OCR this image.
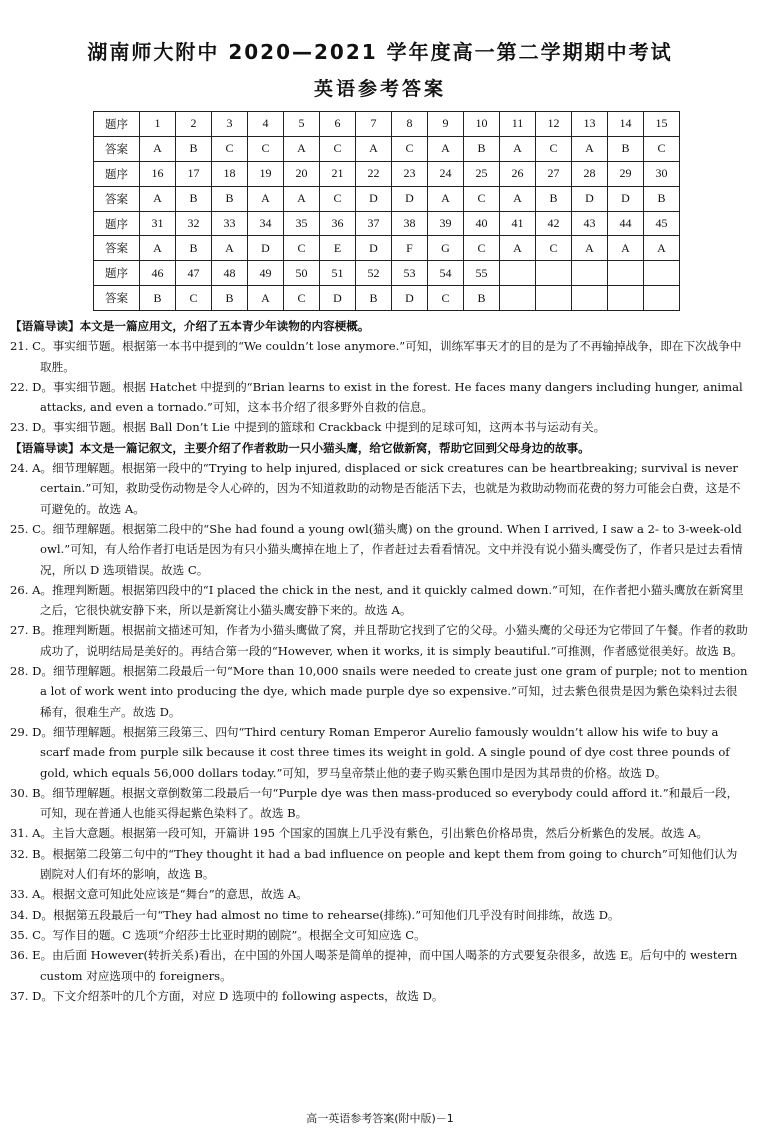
湖南师大附中 2020—2021 学年度高一第二学期期中考试
英语参考答案
题序	1	2	3	4	5	6	7	8	9	10	11	12	13	14	15
答案	A	B	C	C	A	C	A	C	A	B	A	C	A	B	C
题序	16	17	18	19	20	21	22	23	24	25	26	27	28	29	30
答案	A	B	B	A	A	C	D	D	A	C	A	B	D	D	B
题序	31	32	33	34	35	36	37	38	39	40	41	42	43	44	45
答案	A	B	A	D	C	E	D	F	G	C	A	C	A	A	A
题序	46	47	48	49	50	51	52	53	54	55					
答案	B	C	B	A	C	D	B	D	C	B					

【语篇导读】本文是一篇应用文，介绍了五本青少年读物的内容梗概。

21. C。事实细节题。根据第一本书中提到的“We couldn’t lose anymore.”可知，训练军事天才的目的是为了不再输掉战争，即在下次战争中取胜。

22. D。事实细节题。根据 Hatchet 中提到的“Brian learns to exist in the forest. He faces many dangers including hunger, animal attacks, and even a tornado.”可知，这本书介绍了很多野外自救的信息。

23. D。事实细节题。根据 Ball Don’t Lie 中提到的篮球和 Crackback 中提到的足球可知，这两本书与运动有关。

【语篇导读】本文是一篇记叙文，主要介绍了作者救助一只小猫头鹰，给它做新窝，帮助它回到父母身边的故事。

24. A。细节理解题。根据第一段中的“Trying to help injured, displaced or sick creatures can be heartbreaking; survival is never certain.”可知，救助受伤动物是令人心碎的，因为不知道救助的动物是否能活下去，也就是为救助动物而花费的努力可能会白费，这是不可避免的。故选 A。

25. C。细节理解题。根据第二段中的“She had found a young owl(猫头鹰) on the ground. When I arrived, I saw a 2- to 3-week-old owl.”可知，有人给作者打电话是因为有只小猫头鹰掉在地上了，作者赶过去看看情况。文中并没有说小猫头鹰受伤了，作者只是过去看情况，所以 D 选项错误。故选 C。

26. A。推理判断题。根据第四段中的“I placed the chick in the nest, and it quickly calmed down.”可知，在作者把小猫头鹰放在新窝里之后，它很快就安静下来，所以是新窝让小猫头鹰安静下来的。故选 A。

27. B。推理判断题。根据前文描述可知，作者为小猫头鹰做了窝，并且帮助它找到了它的父母。小猫头鹰的父母还为它带回了午餐。作者的救助成功了，说明结局是美好的。再结合第一段的“However, when it works, it is simply beautiful.”可推测，作者感觉很美好。故选 B。

28. D。细节理解题。根据第二段最后一句“More than 10,000 snails were needed to create just one gram of purple; not to mention a lot of work went into producing the dye, which made purple dye so expensive.”可知，过去紫色很贵是因为紫色染料过去很稀有，很难生产。故选 D。

29. D。细节理解题。根据第三段第三、四句“Third century Roman Emperor Aurelio famously wouldn’t allow his wife to buy a scarf made from purple silk because it cost three times its weight in gold. A single pound of dye cost three pounds of gold, which equals 56,000 dollars today.”可知，罗马皇帝禁止他的妻子购买紫色围巾是因为其昂贵的价格。故选 D。

30. B。细节理解题。根据文章倒数第二段最后一句“Purple dye was then mass-produced so everybody could afford it.”和最后一段，可知，现在普通人也能买得起紫色染料了。故选 B。

31. A。主旨大意题。根据第一段可知，开篇讲 195 个国家的国旗上几乎没有紫色，引出紫色价格昂贵，然后分析紫色的发展。故选 A。

32. B。根据第二段第二句中的“They thought it had a bad influence on people and kept them from going to church”可知他们认为剧院对人们有坏的影响，故选 B。

33. A。根据文意可知此处应该是“舞台”的意思，故选 A。

34. D。根据第五段最后一句“They had almost no time to rehearse(排练).”可知他们几乎没有时间排练，故选 D。

35. C。写作目的题。C 选项“介绍莎士比亚时期的剧院”。根据全文可知应选 C。

36. E。由后面 However(转折关系)看出，在中国的外国人喝茶是简单的提神，而中国人喝茶的方式要复杂很多，故选 E。后句中的 western custom 对应选项中的 foreigners。

37. D。下文介绍茶叶的几个方面，对应 D 选项中的 following aspects，故选 D。

高一英语参考答案(附中版)－1
